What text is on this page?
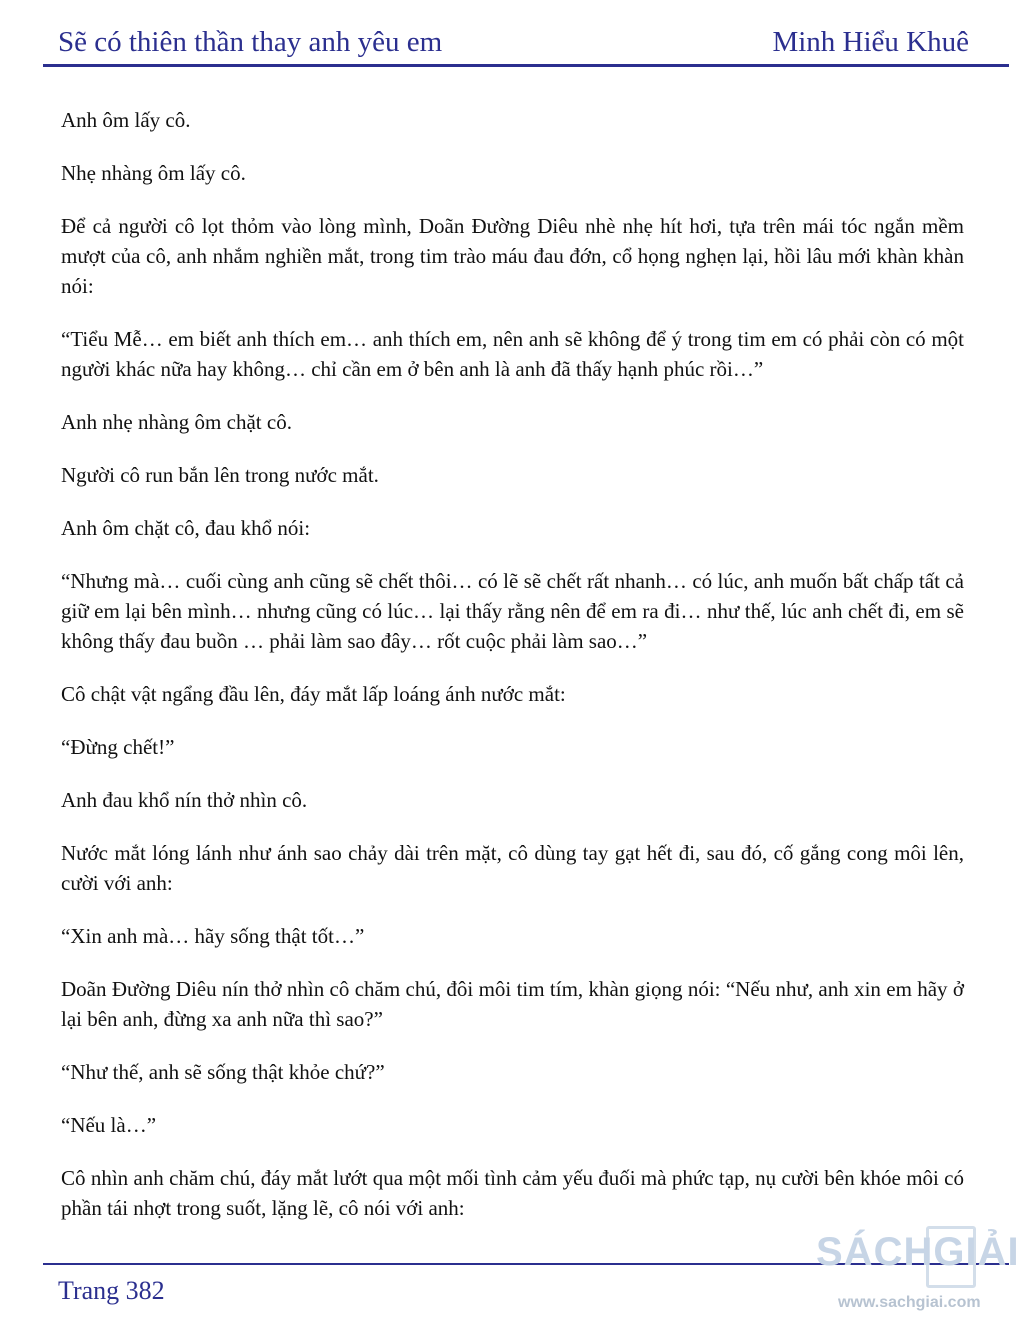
Sẽ có thiên thần thay anh yêu em	Minh Hiểu Khuê

Anh ôm lấy cô.

Nhẹ nhàng ôm lấy cô.

Để cả người cô lọt thỏm vào lòng mình, Doãn Đường Diêu nhè nhẹ hít hơi, tựa trên mái tóc ngắn mềm mượt của cô, anh nhắm nghiền mắt, trong tim trào máu đau đớn, cổ họng nghẹn lại, hồi lâu mới khàn khàn nói:

“Tiểu Mễ… em biết anh thích em… anh thích em, nên anh sẽ không để ý trong tim em có phải còn có một người khác nữa hay không… chỉ cần em ở bên anh là anh đã thấy hạnh phúc rồi…”

Anh nhẹ nhàng ôm chặt cô.

Người cô run bắn lên trong nước mắt.

Anh ôm chặt cô, đau khổ nói:

“Nhưng mà… cuối cùng anh cũng sẽ chết thôi… có lẽ sẽ chết rất nhanh… có lúc, anh muốn bất chấp tất cả giữ em lại bên mình… nhưng cũng có lúc… lại thấy rằng nên để em ra đi… như thế, lúc anh chết đi, em sẽ không thấy đau buồn … phải làm sao đây… rốt cuộc phải làm sao…”

Cô chật vật ngẩng đầu lên, đáy mắt lấp loáng ánh nước mắt:

“Đừng chết!”

Anh đau khổ nín thở nhìn cô.

Nước mắt lóng lánh như ánh sao chảy dài trên mặt, cô dùng tay gạt hết đi, sau đó, cố gắng cong môi lên, cười với anh:

“Xin anh mà… hãy sống thật tốt…”

Doãn Đường Diêu nín thở nhìn cô chăm chú, đôi môi tim tím, khàn giọng nói: “Nếu như, anh xin em hãy ở lại bên anh, đừng xa anh nữa thì sao?”

“Như thế, anh sẽ sống thật khỏe chứ?”

“Nếu là…”

Cô nhìn anh chăm chú, đáy mắt lướt qua một mối tình cảm yếu đuối mà phức tạp, nụ cười bên khóe môi có phần tái nhợt trong suốt, lặng lẽ, cô nói với anh:

Trang 382
SÁCHGIẢI
www.sachgiai.com
